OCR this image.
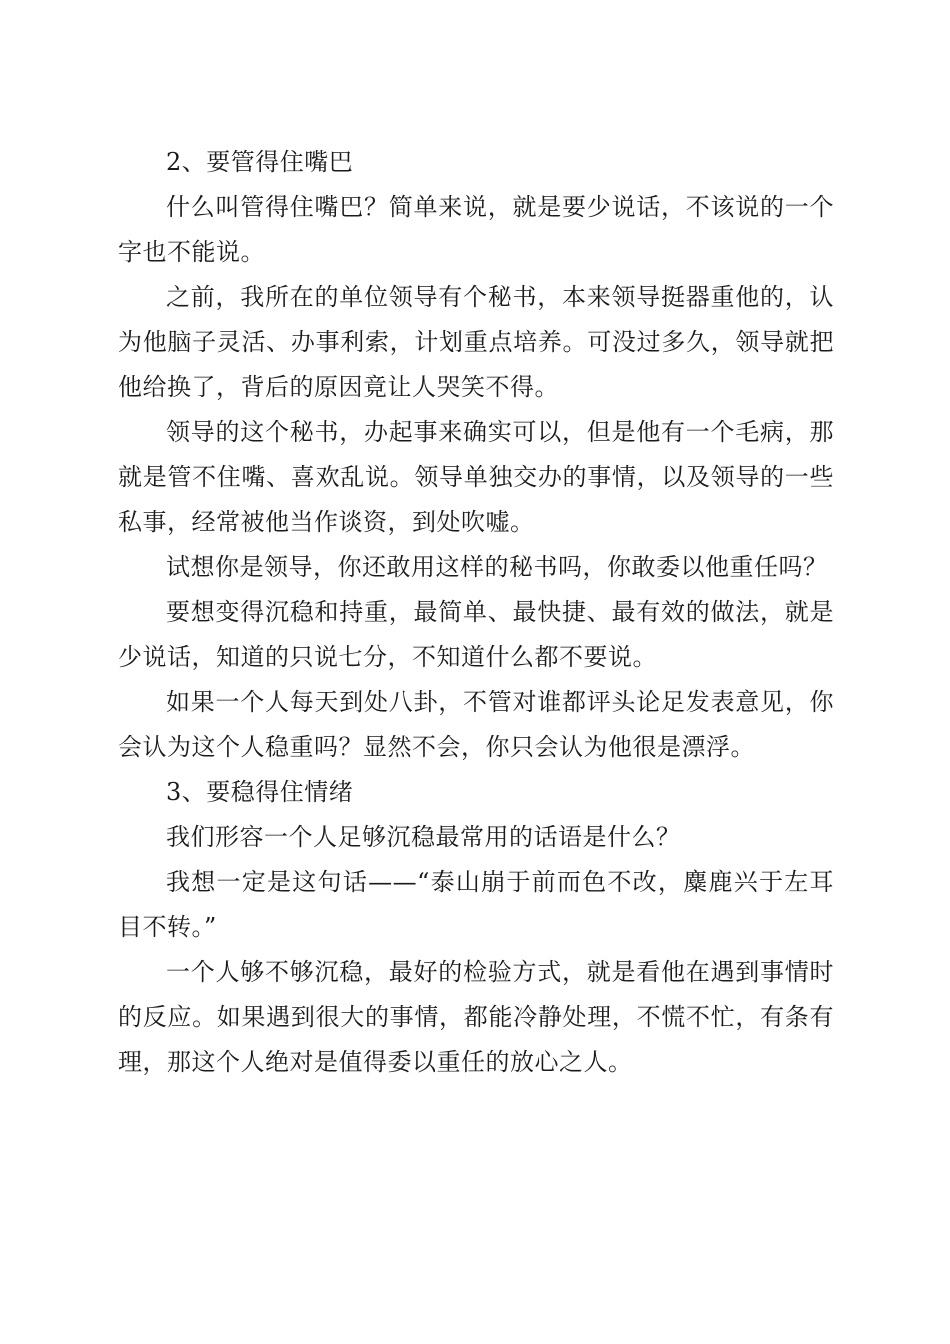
2、要管得住嘴巴

什么叫管得住嘴巴？简单来说，就是要少说话，不该说的一个字也不能说。

之前，我所在的单位领导有个秘书，本来领导挺器重他的，认为他脑子灵活、办事利索，计划重点培养。可没过多久，领导就把他给换了，背后的原因竟让人哭笑不得。

领导的这个秘书，办起事来确实可以，但是他有一个毛病，那就是管不住嘴、喜欢乱说。领导单独交办的事情，以及领导的一些私事，经常被他当作谈资，到处吹嘘。

试想你是领导，你还敢用这样的秘书吗，你敢委以他重任吗？

要想变得沉稳和持重，最简单、最快捷、最有效的做法，就是少说话，知道的只说七分，不知道什么都不要说。

如果一个人每天到处八卦，不管对谁都评头论足发表意见，你会认为这个人稳重吗？显然不会，你只会认为他很是漂浮。

3、要稳得住情绪

我们形容一个人足够沉稳最常用的话语是什么？

我想一定是这句话——“泰山崩于前而色不改，麋鹿兴于左耳目不转。”

一个人够不够沉稳，最好的检验方式，就是看他在遇到事情时的反应。如果遇到很大的事情，都能冷静处理，不慌不忙，有条有理，那这个人绝对是值得委以重任的放心之人。
